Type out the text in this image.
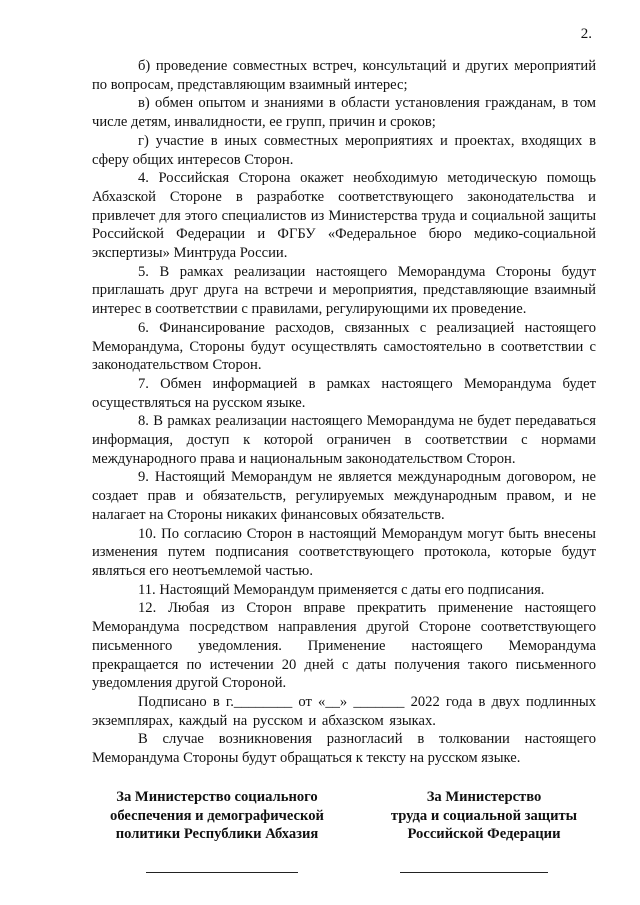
2.

б) проведение совместных встреч, консультаций и других мероприятий по вопросам, представляющим взаимный интерес;

в) обмен опытом и знаниями в области установления гражданам, в том числе детям, инвалидности, ее групп, причин и сроков;

г) участие в иных совместных мероприятиях и проектах, входящих в сферу общих интересов Сторон.

4. Российская Сторона окажет необходимую методическую помощь Абхазской Стороне в разработке соответствующего законодательства и привлечет для этого специалистов из Министерства труда и социальной защиты Российской Федерации и ФГБУ «Федеральное бюро медико-социальной экспертизы» Минтруда России.

5. В рамках реализации настоящего Меморандума Стороны будут приглашать друг друга на встречи и мероприятия, представляющие взаимный интерес в соответствии с правилами, регулирующими их проведение.

6. Финансирование расходов, связанных с реализацией настоящего Меморандума, Стороны будут осуществлять самостоятельно в соответствии с законодательством Сторон.

7. Обмен информацией в рамках настоящего Меморандума будет осуществляться на русском языке.

8. В рамках реализации настоящего Меморандума не будет передаваться информация, доступ к которой ограничен в соответствии с нормами международного права и национальным законодательством Сторон.

9. Настоящий Меморандум не является международным договором, не создает прав и обязательств, регулируемых международным правом, и не налагает на Стороны никаких финансовых обязательств.

10. По согласию Сторон в настоящий Меморандум могут быть внесены изменения путем подписания соответствующего протокола, которые будут являться его неотъемлемой частью.

11. Настоящий Меморандум применяется с даты его подписания.

12. Любая из Сторон вправе прекратить применение настоящего Меморандума посредством направления другой Стороне соответствующего письменного уведомления. Применение настоящего Меморандума прекращается по истечении 20 дней с даты получения такого письменного уведомления другой Стороной.

Подписано в г.________ от «__» _______ 2022 года в двух подлинных экземплярах, каждый на русском и абхазском языках.

В случае возникновения разногласий в толковании настоящего Меморандума Стороны будут обращаться к тексту на русском языке.

За Министерство социального
обеспечения и демографической
политики Республики Абхазия
За Министерство
труда и социальной защиты
Российской Федерации
